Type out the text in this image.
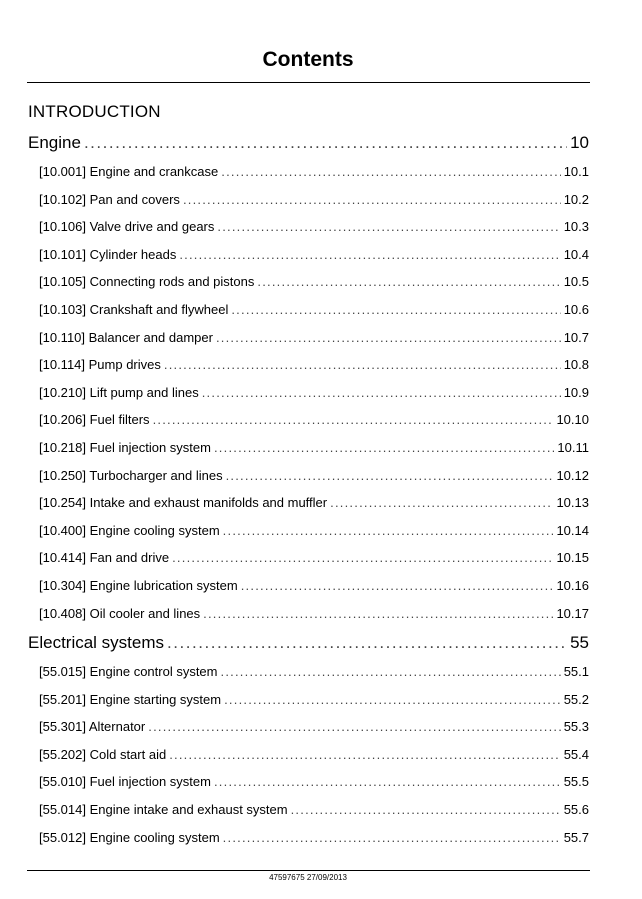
Contents
INTRODUCTION
Engine . . .	10
[10.001] Engine and crankcase . . .	10.1
[10.102] Pan and covers . . .	10.2
[10.106] Valve drive and gears . . .	10.3
[10.101] Cylinder heads . . .	10.4
[10.105] Connecting rods and pistons . . .	10.5
[10.103] Crankshaft and flywheel . . .	10.6
[10.110] Balancer and damper . . .	10.7
[10.114] Pump drives . . .	10.8
[10.210] Lift pump and lines . . .	10.9
[10.206] Fuel filters . . .	10.10
[10.218] Fuel injection system . . .	10.11
[10.250] Turbocharger and lines . . .	10.12
[10.254] Intake and exhaust manifolds and muffler . . .	10.13
[10.400] Engine cooling system . . .	10.14
[10.414] Fan and drive . . .	10.15
[10.304] Engine lubrication system . . .	10.16
[10.408] Oil cooler and lines . . .	10.17
Electrical systems . . .	55
[55.015] Engine control system . . .	55.1
[55.201] Engine starting system . . .	55.2
[55.301] Alternator . . .	55.3
[55.202] Cold start aid . . .	55.4
[55.010] Fuel injection system . . .	55.5
[55.014] Engine intake and exhaust system . . .	55.6
[55.012] Engine cooling system . . .	55.7
47597675 27/09/2013
